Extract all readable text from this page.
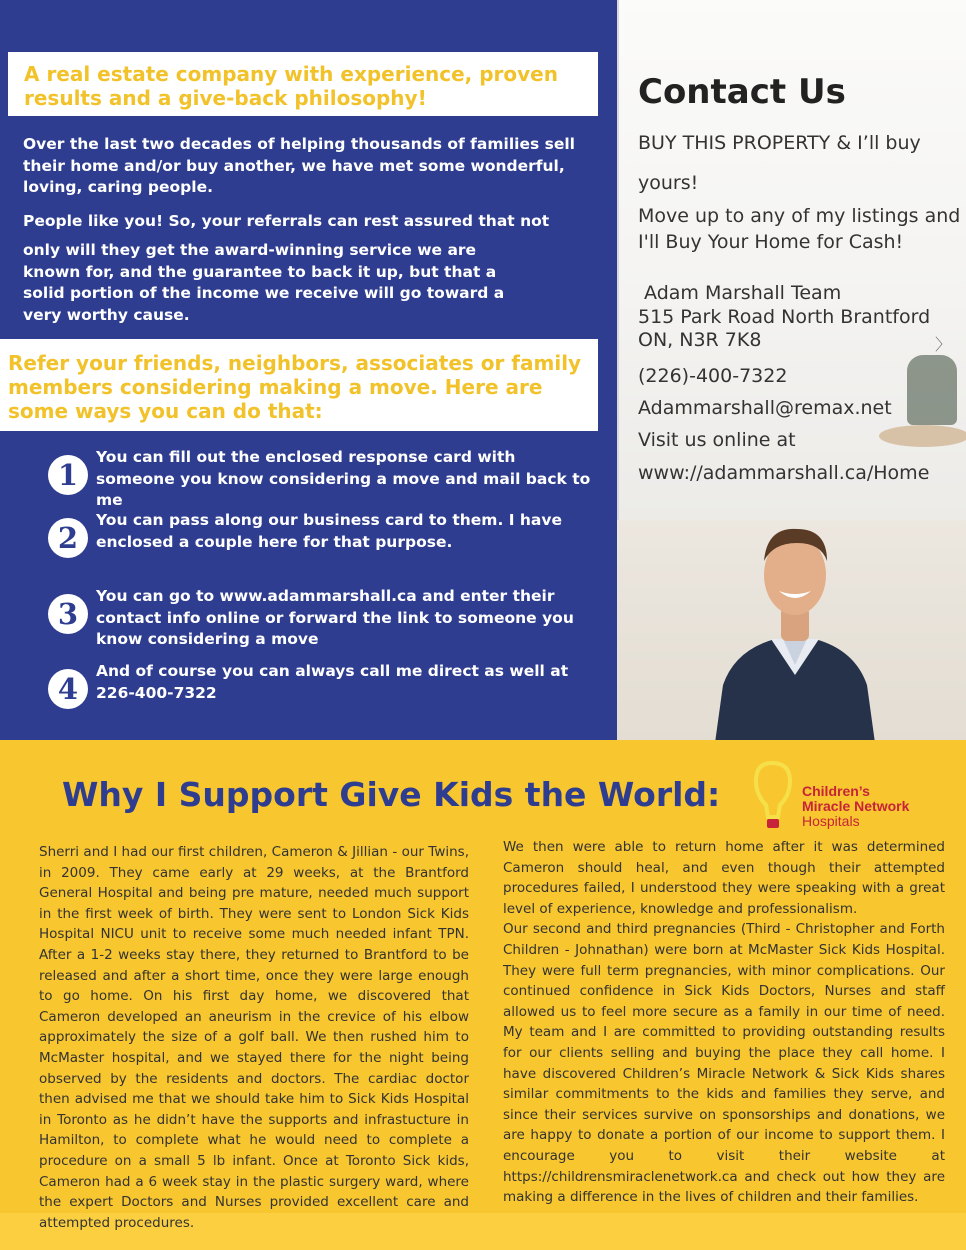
〉
A real estate company with experience, proven results and a give-back philosophy!

Over the last two decades of helping thousands of families sell their home and/or buy another, we have met some wonderful, loving, caring people.

People like you! So, your referrals can rest assured that not

only will they get the award-winning service we are known for, and the guarantee to back it up, but that a solid portion of the income we receive will go toward a very worthy cause.

Refer your friends, neighbors, associates or family members considering making a move. Here are some ways you can do that:
1
You can fill out the enclosed response card with someone you know considering a move and mail back to me
2
You can pass along our business card to them. I have enclosed a couple here for that purpose.
3
You can go to www.adammarshall.ca and enter their contact info online or forward the link to someone you know considering a move
4
And of course you can always call me direct as well at 226-400-7322
Contact Us
BUY THIS PROPERTY & I’ll buy
yours!
Move up to any of my listings and
I'll Buy Your Home for Cash!
Adam Marshall Team
515 Park Road North Brantford
ON, N3R 7K8
(226)-400-7322
Adammarshall@remax.net
Visit us online at
www://adammarshall.ca/Home
Why I Support Give Kids the World:	Children’s
Miracle Network
Hospitals

Sherri and I had our first children, Cameron & Jillian - our Twins, in 2009. They came early at 29 weeks, at the Brantford General Hospital and being pre mature, needed much support in the first week of birth. They were sent to London Sick Kids Hospital NICU unit to receive some much needed infant TPN. After a 1-2 weeks stay there, they returned to Brantford to be released and after a short time, once they were large enough to go home. On his first day home, we discovered that Cameron developed an aneurism in the crevice of his elbow approximately the size of a golf ball. We then rushed him to McMaster hospital, and we stayed there for the night being observed by the residents and doctors. The cardiac doctor then advised me that we should take him to Sick Kids Hospital in Toronto as he didn’t have the supports and infrastucture in Hamilton, to complete what he would need to complete a procedure on a small 5 lb infant. Once at Toronto Sick kids, Cameron had a 6 week stay in the plastic surgery ward, where the expert Doctors and Nurses provided excellent care and attempted procedures.

We then were able to return home after it was determined Cameron should heal, and even though their attempted procedures failed, I understood they were speaking with a great level of experience, knowledge and professionalism.
Our second and third pregnancies (Third - Christopher and Forth Children - Johnathan) were born at McMaster Sick Kids Hospital. They were full term pregnancies, with minor complications. Our continued confidence in Sick Kids Doctors, Nurses and staff allowed us to feel more secure as a family in our time of need. My team and I are committed to providing outstanding results for our clients selling and buying the place they call home. I have discovered Children’s Miracle Network & Sick Kids shares similar commitments to the kids and families they serve, and since their services survive on sponsorships and donations, we are happy to donate a portion of our income to support them. I encourage you to visit their website at https://childrensmiraclenetwork.ca and check out how they are making a difference in the lives of children and their families.
